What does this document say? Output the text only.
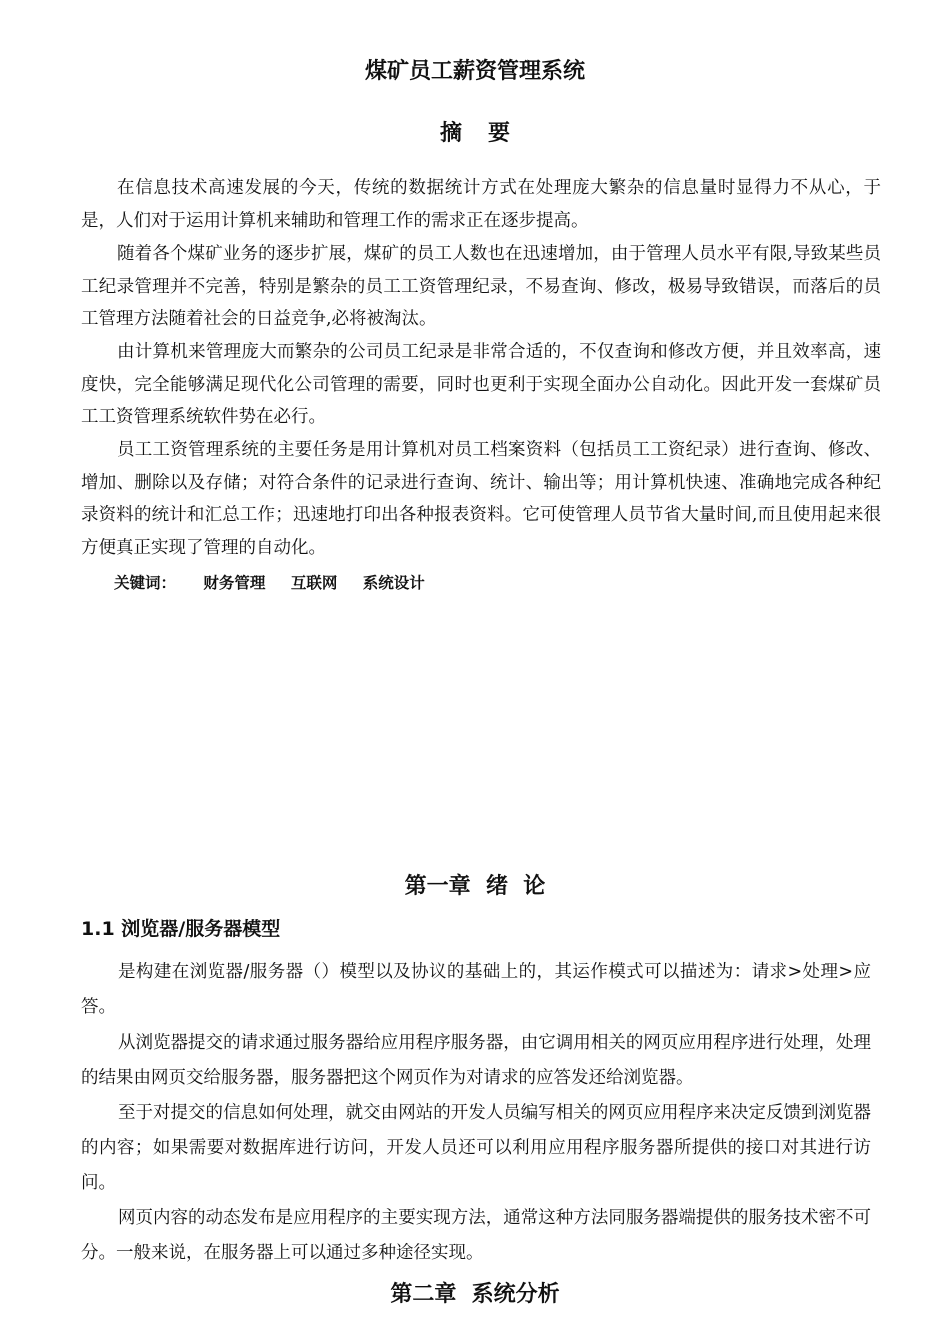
煤矿员工薪资管理系统
摘要

在信息技术高速发展的今天，传统的数据统计方式在处理庞大繁杂的信息量时显得力不从心，于是，人们对于运用计算机来辅助和管理工作的需求正在逐步提高。

随着各个煤矿业务的逐步扩展，煤矿的员工人数也在迅速增加，由于管理人员水平有限,导致某些员工纪录管理并不完善，特别是繁杂的员工工资管理纪录，不易查询、修改，极易导致错误，而落后的员工管理方法随着社会的日益竞争,必将被淘汰。

由计算机来管理庞大而繁杂的公司员工纪录是非常合适的，不仅查询和修改方便，并且效率高，速度快，完全能够满足现代化公司管理的需要，同时也更利于实现全面办公自动化。因此开发一套煤矿员工工资管理系统软件势在必行。

员工工资管理系统的主要任务是用计算机对员工档案资料（包括员工工资纪录）进行查询、修改、增加、删除以及存储；对符合条件的记录进行查询、统计、输出等；用计算机快速、准确地完成各种纪录资料的统计和汇总工作；迅速地打印出各种报表资料。它可使管理人员节省大量时间,而且使用起来很方便真正实现了管理的自动化。

关键词： 财务管理 互联网 系统设计
第一章  绪  论
1.1 浏览器/服务器模型

是构建在浏览器/服务器（）模型以及协议的基础上的，其运作模式可以描述为：请求>处理>应答。

从浏览器提交的请求通过服务器给应用程序服务器，由它调用相关的网页应用程序进行处理，处理的结果由网页交给服务器，服务器把这个网页作为对请求的应答发还给浏览器。

至于对提交的信息如何处理，就交由网站的开发人员编写相关的网页应用程序来决定反馈到浏览器的内容；如果需要对数据库进行访问，开发人员还可以利用应用程序服务器所提供的接口对其进行访问。

网页内容的动态发布是应用程序的主要实现方法，通常这种方法同服务器端提供的服务技术密不可分。一般来说，在服务器上可以通过多种途径实现。

第二章  系统分析
